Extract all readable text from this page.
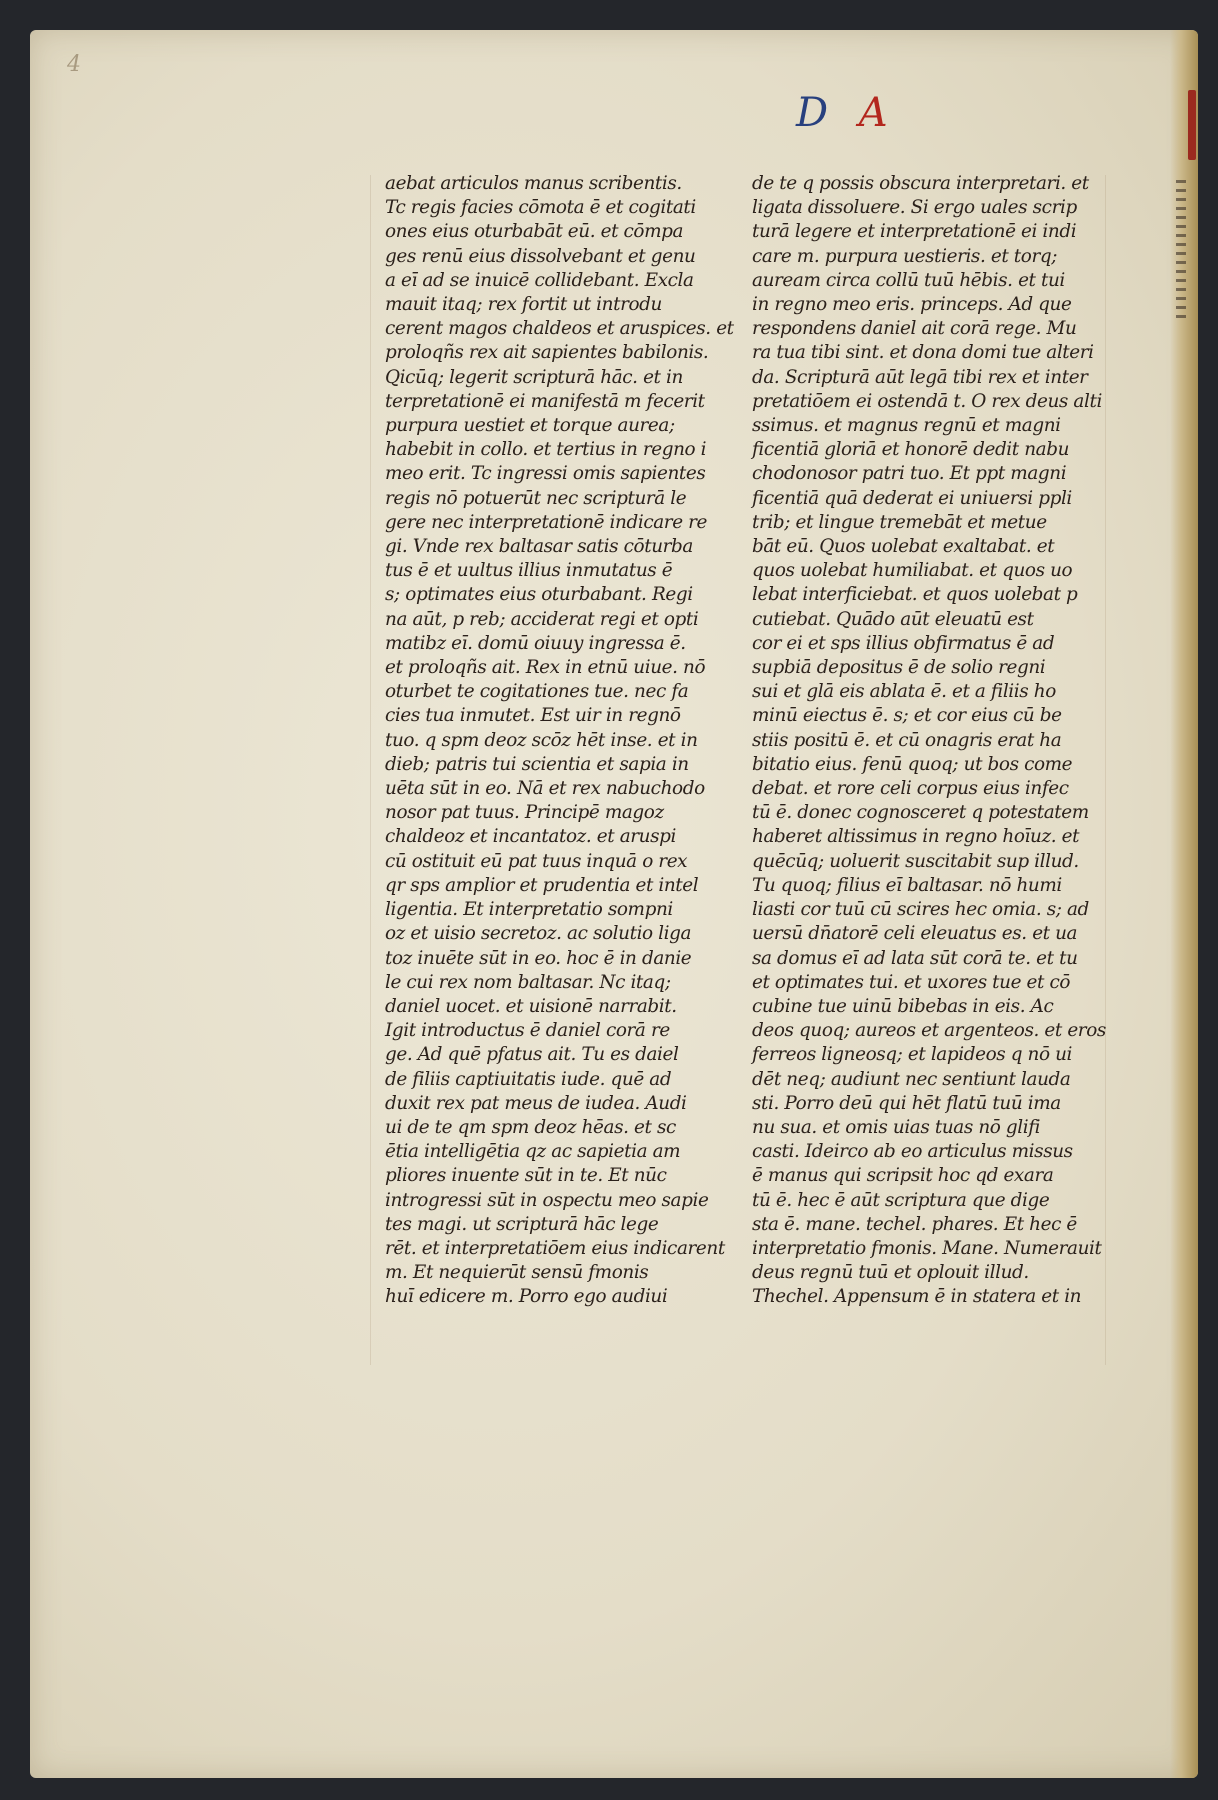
4
D A
aebat articulos manus scribentis.
Tc regis facies cōmota ē et cogitati
ones eius oturbabāt eū. et cōmpa
ges renū eius dissolvebant et genu
a eī ad se inuicē collidebant. Excla
mauit itaq; rex fortit ut introdu
cerent magos chaldeos et aruspices. et
proloqñs rex ait sapientes babilonis.
Qicūq; legerit scripturā hāc. et in
terpretationē ei manifestā m fecerit
purpura uestiet et torque aurea;
habebit in collo. et tertius in regno i
meo erit. Tc ingressi omis sapientes
regis nō potuerūt nec scripturā le
gere nec interpretationē indicare re
gi. Vnde rex baltasar satis cōturba
tus ē et uultus illius inmutatus ē
s; optimates eius oturbabant. Regi
na aūt, p reb; acciderat regi et opti
matibz eī. domū oiuuy ingressa ē.
et proloqñs ait. Rex in etnū uiue. nō
oturbet te cogitationes tue. nec fa
cies tua inmutet. Est uir in regnō
tuo. q spm deoz scōz hēt inse. et in
dieb; patris tui scientia et sapia in
uēta sūt in eo. Nā et rex nabuchodo
nosor pat tuus. Principē magoz
chaldeoz et incantatoz. et aruspi
cū ostituit eū pat tuus inquā o rex
qr sps amplior et prudentia et intel
ligentia. Et interpretatio sompni
oz et uisio secretoz. ac solutio liga
toz inuēte sūt in eo. hoc ē in danie
le cui rex nom baltasar. Nc itaq;
daniel uocet. et uisionē narrabit.
Igit introductus ē daniel corā re
ge. Ad quē pfatus ait. Tu es daiel
de filiis captiuitatis iude. quē ad
duxit rex pat meus de iudea. Audi
ui de te qm spm deoz hēas. et sc
ētia intelligētia qz ac sapietia am
pliores inuente sūt in te. Et nūc
introgressi sūt in ospectu meo sapie
tes magi. ut scripturā hāc lege
rēt. et interpretatiōem eius indicarent
m. Et nequierūt sensū fmonis
huī edicere m. Porro ego audiui
de te q possis obscura interpretari. et
ligata dissoluere. Si ergo uales scrip
turā legere et interpretationē ei indi
care m. purpura uestieris. et torq;
auream circa collū tuū hēbis. et tui
in regno meo eris. princeps. Ad que
respondens daniel ait corā rege. Mu
ra tua tibi sint. et dona domi tue alteri
da. Scripturā aūt legā tibi rex et inter
pretatiōem ei ostendā t. O rex deus alti
ssimus. et magnus regnū et magni
ficentiā gloriā et honorē dedit nabu
chodonosor patri tuo. Et ppt magni
ficentiā quā dederat ei uniuersi ppli
trib; et lingue tremebāt et metue
bāt eū. Quos uolebat exaltabat. et
quos uolebat humiliabat. et quos uo
lebat interficiebat. et quos uolebat p
cutiebat. Quādo aūt eleuatū est
cor ei et sps illius obfirmatus ē ad
supbiā depositus ē de solio regni
sui et glā eis ablata ē. et a filiis ho
minū eiectus ē. s; et cor eius cū be
stiis positū ē. et cū onagris erat ha
bitatio eius. fenū quoq; ut bos come
debat. et rore celi corpus eius infec
tū ē. donec cognosceret q potestatem
haberet altissimus in regno hoīuz. et
quēcūq; uoluerit suscitabit sup illud.
Tu quoq; filius eī baltasar. nō humi
liasti cor tuū cū scires hec omia. s; ad
uersū dn̄atorē celi eleuatus es. et ua
sa domus eī ad lata sūt corā te. et tu
et optimates tui. et uxores tue et cō
cubine tue uinū bibebas in eis. Ac
deos quoq; aureos et argenteos. et eros
ferreos ligneosq; et lapideos q nō ui
dēt neq; audiunt nec sentiunt lauda
sti. Porro deū qui hēt flatū tuū ima
nu sua. et omis uias tuas nō glifi
casti. Ideirco ab eo articulus missus
ē manus qui scripsit hoc qd exara
tū ē. hec ē aūt scriptura que dige
sta ē. mane. techel. phares. Et hec ē
interpretatio fmonis. Mane. Numerauit
deus regnū tuū et oplouit illud.
Thechel. Appensum ē in statera et in
